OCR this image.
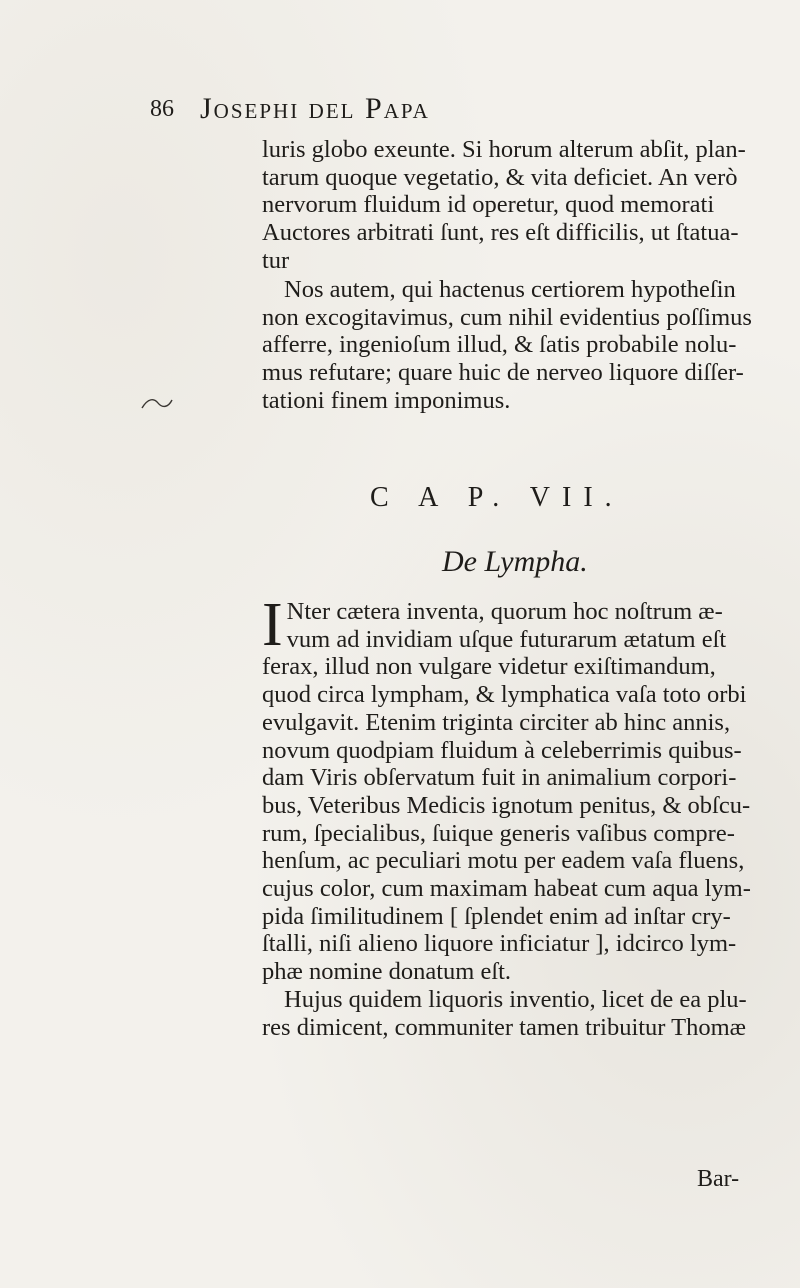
86 Josephi del Papa
luris globo exeunte. Si horum alterum abſit, plan-
tarum quoque vegetatio, & vita deficiet. An verò
nervorum fluidum id operetur, quod memorati
Auctores arbitrati ſunt, res eſt difficilis, ut ſtatua-
tur
Nos autem, qui hactenus certiorem hypotheſin
non excogitavimus, cum nihil evidentius poſſimus
afferre, ingenioſum illud, & ſatis probabile nolu-
mus refutare; quare huic de nerveo liquore diſſer-
tationi finem imponimus.
C A P. VII.
De Lympha.
I Nter cætera inventa, quorum hoc noſtrum æ-
vum ad invidiam uſque futurarum ætatum eſt
ferax, illud non vulgare videtur exiſtimandum,
quod circa lympham, & lymphatica vaſa toto orbi
evulgavit. Etenim triginta circiter ab hinc annis,
novum quodpiam fluidum à celeberrimis quibus-
dam Viris obſervatum fuit in animalium corpori-
bus, Veteribus Medicis ignotum penitus, & obſcu-
rum, ſpecialibus, ſuique generis vaſibus compre-
henſum, ac peculiari motu per eadem vaſa fluens,
cujus color, cum maximam habeat cum aqua lym-
pida ſimilitudinem [ ſplendet enim ad inſtar cry-
ſtalli, niſi alieno liquore inficiatur ], idcirco lym-
phæ nomine donatum eſt.
Hujus quidem liquoris inventio, licet de ea plu-
res dimicent, communiter tamen tribuitur Thomæ
Bar-
